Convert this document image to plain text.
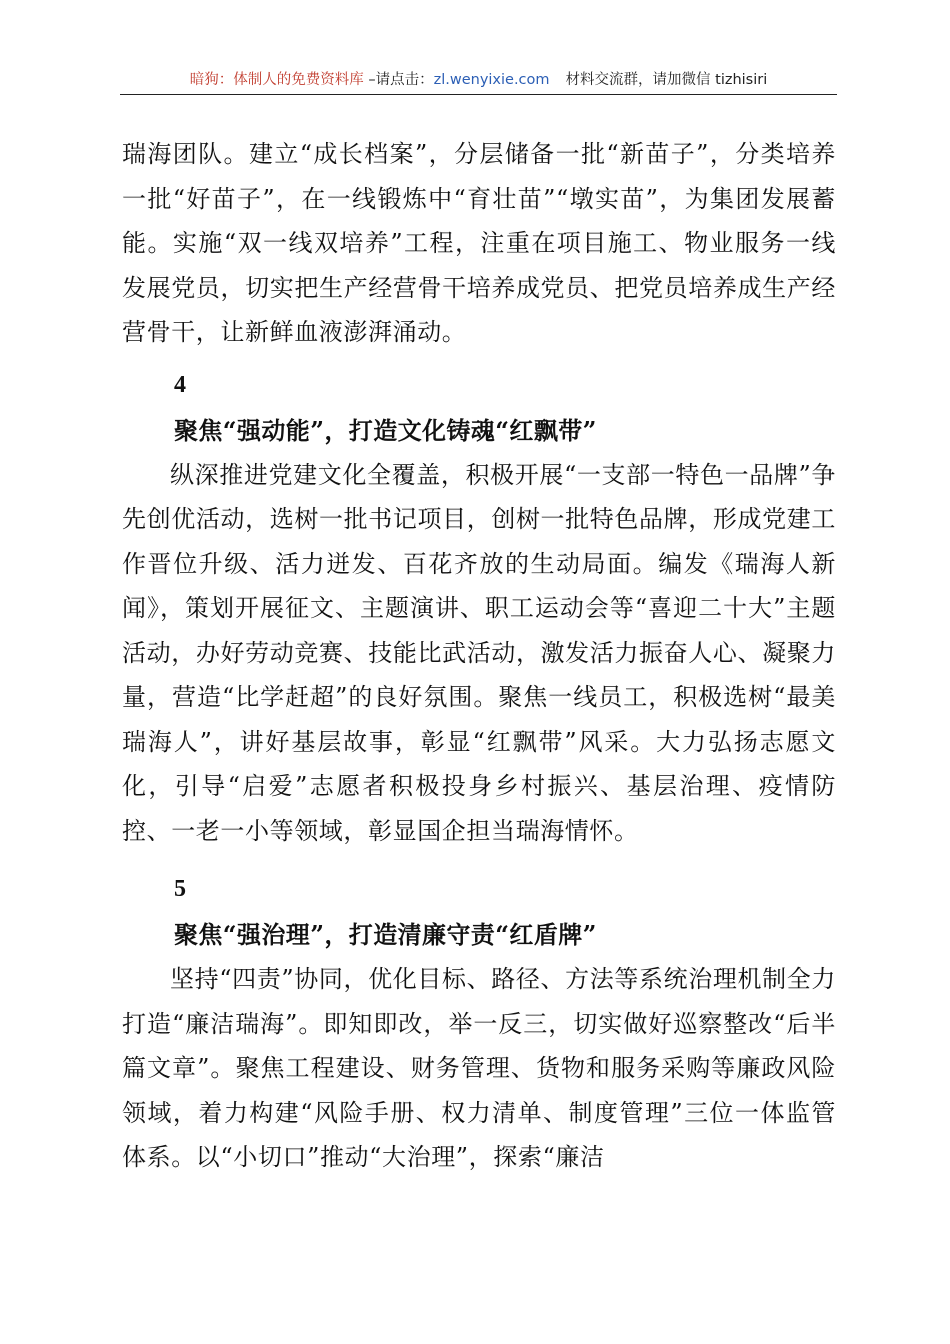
暗狗：体制人的免费资料库 –请点击：zl.wenyixie.com 材料交流群，请加微信 tizhisiri

瑞海团队。建立“成长档案”，分层储备一批“新苗子”，分类培养一批“好苗子”，在一线锻炼中“育壮苗”“墩实苗”，为集团发展蓄能。实施“双一线双培养”工程，注重在项目施工、物业服务一线发展党员，切实把生产经营骨干培养成党员、把党员培养成生产经营骨干，让新鲜血液澎湃涌动。

4

聚焦“强动能”，打造文化铸魂“红飘带”

纵深推进党建文化全覆盖，积极开展“一支部一特色一品牌”争先创优活动，选树一批书记项目，创树一批特色品牌，形成党建工作晋位升级、活力迸发、百花齐放的生动局面。编发《瑞海人新闻》，策划开展征文、主题演讲、职工运动会等“喜迎二十大”主题活动，办好劳动竞赛、技能比武活动，激发活力振奋人心、凝聚力量，营造“比学赶超”的良好氛围。聚焦一线员工，积极选树“最美瑞海人”，讲好基层故事，彰显“红飘带”风采。大力弘扬志愿文化，引导“启爱”志愿者积极投身乡村振兴、基层治理、疫情防控、一老一小等领域，彰显国企担当瑞海情怀。

5

聚焦“强治理”，打造清廉守责“红盾牌”

坚持“四责”协同，优化目标、路径、方法等系统治理机制全力打造“廉洁瑞海”。即知即改，举一反三，切实做好巡察整改“后半篇文章”。聚焦工程建设、财务管理、货物和服务采购等廉政风险领域，着力构建“风险手册、权力清单、制度管理”三位一体监管体系。以“小切口”推动“大治理”，探索“廉洁
